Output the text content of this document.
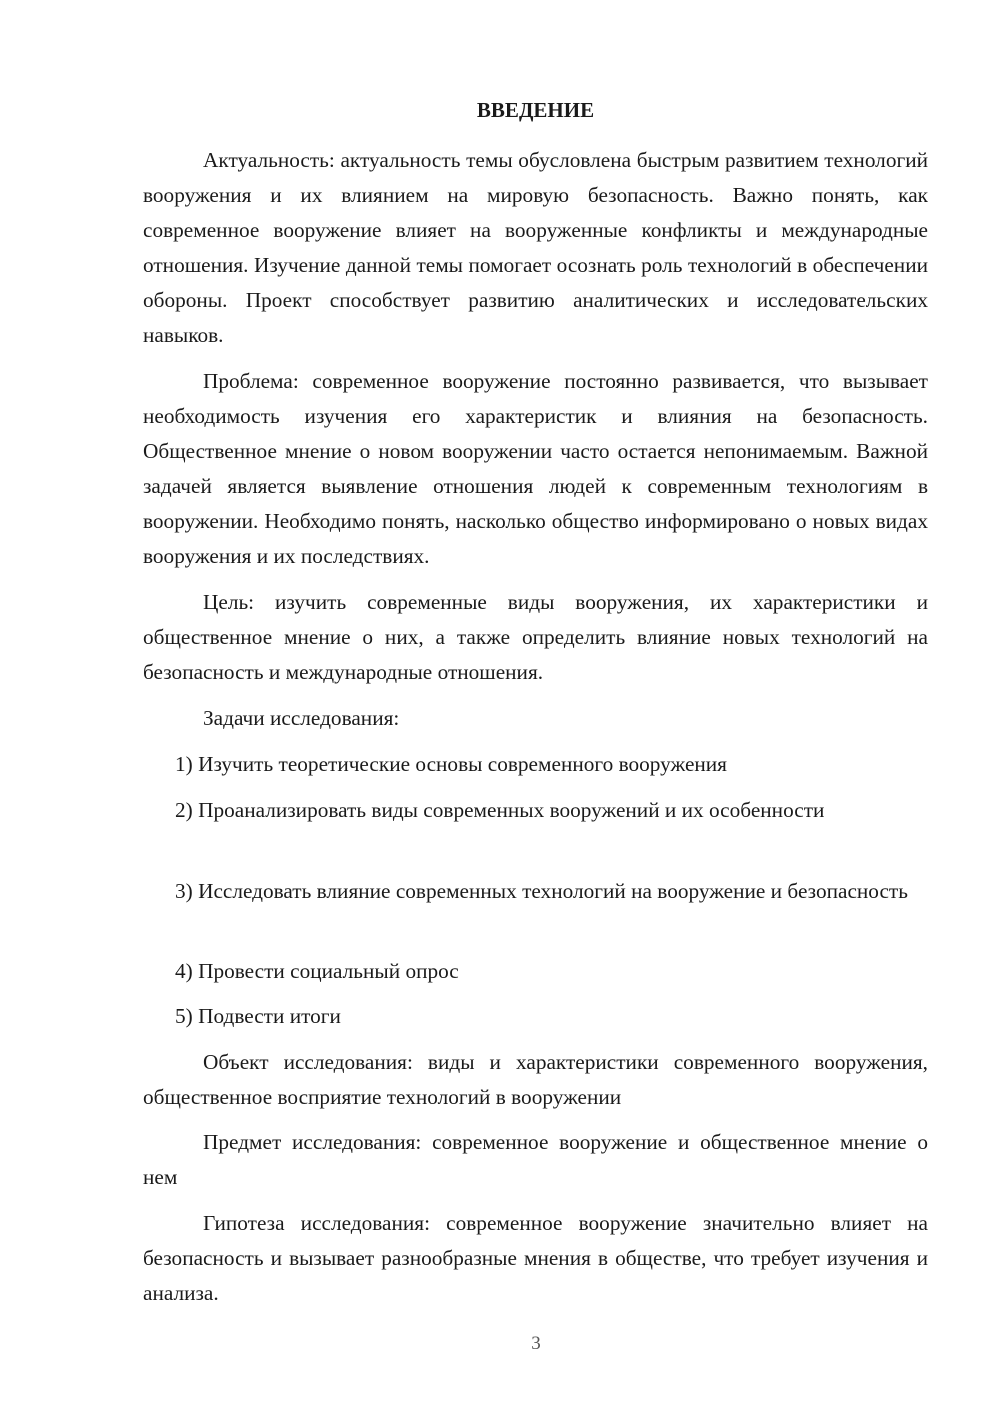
ВВЕДЕНИЕ
Актуальность: актуальность темы обусловлена быстрым развитием технологий вооружения и их влиянием на мировую безопасность. Важно понять, как современное вооружение влияет на вооруженные конфликты и международные отношения. Изучение данной темы помогает осознать роль технологий в обеспечении обороны. Проект способствует развитию аналитических и исследовательских навыков.
Проблема: современное вооружение постоянно развивается, что вызывает необходимость изучения его характеристик и влияния на безопасность. Общественное мнение о новом вооружении часто остается непонимаемым. Важной задачей является выявление отношения людей к современным технологиям в вооружении. Необходимо понять, насколько общество информировано о новых видах вооружения и их последствиях.
Цель: изучить современные виды вооружения, их характеристики и общественное мнение о них, а также определить влияние новых технологий на безопасность и международные отношения.
Задачи исследования:
1) Изучить теоретические основы современного вооружения
2) Проанализировать виды современных вооружений и их особенности
3) Исследовать влияние современных технологий на вооружение и безопасность
4) Провести социальный опрос
5) Подвести итоги
Объект исследования: виды и характеристики современного вооружения, общественное восприятие технологий в вооружении
Предмет исследования: современное вооружение и общественное мнение о нем
Гипотеза исследования: современное вооружение значительно влияет на безопасность и вызывает разнообразные мнения в обществе, что требует изучения и анализа.
3
